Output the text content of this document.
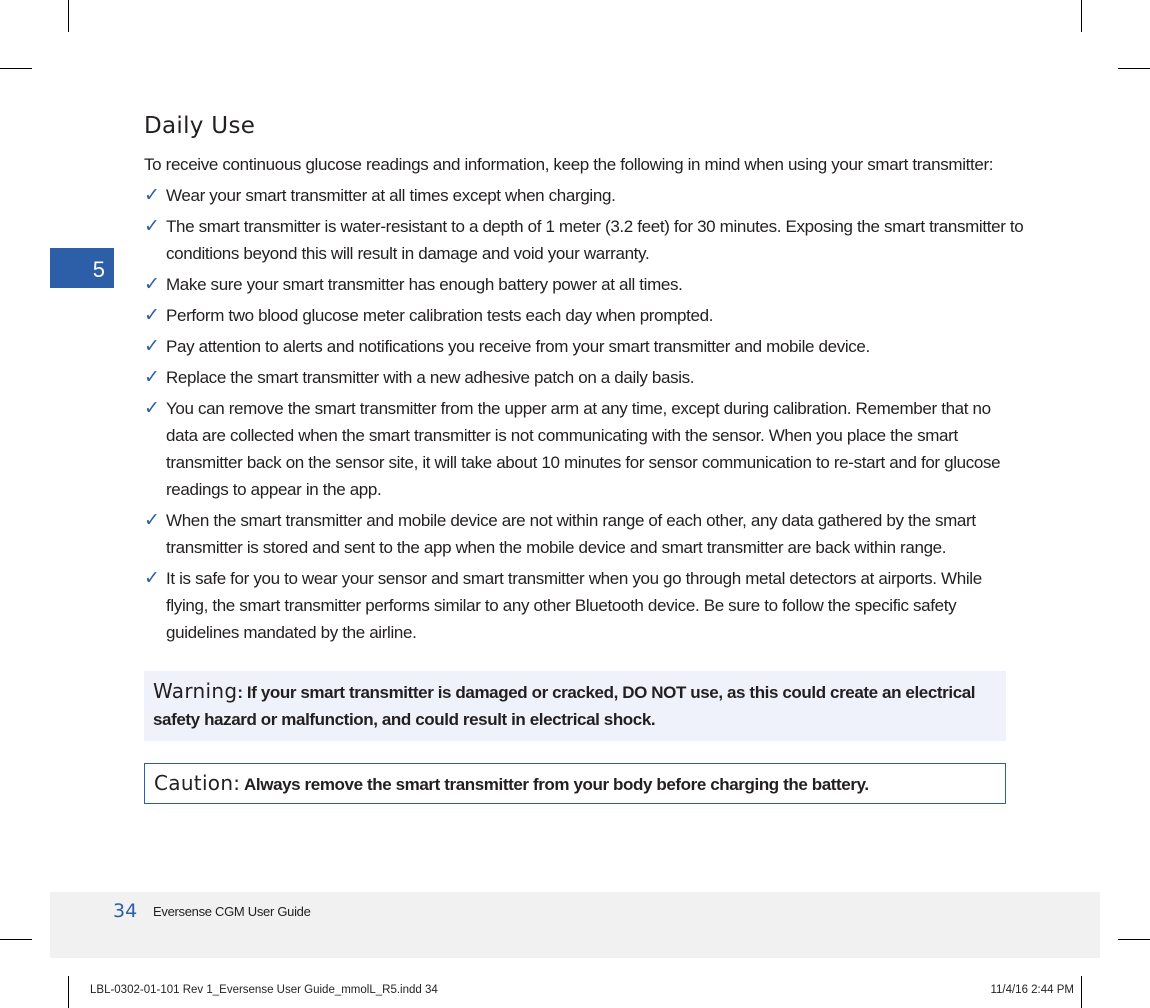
5
Daily Use

To receive continuous glucose readings and information, keep the following in mind when using your smart transmitter:

✓ Wear your smart transmitter at all times except when charging.
✓ The smart transmitter is water-resistant to a depth of 1 meter (3.2 feet) for 30 minutes. Exposing the smart transmitter to conditions beyond this will result in damage and void your warranty.
✓ Make sure your smart transmitter has enough battery power at all times.
✓ Perform two blood glucose meter calibration tests each day when prompted.
✓ Pay attention to alerts and notifications you receive from your smart transmitter and mobile device.
✓ Replace the smart transmitter with a new adhesive patch on a daily basis.
✓ You can remove the smart transmitter from the upper arm at any time, except during calibration. Remember that no data are collected when the smart transmitter is not communicating with the sensor. When you place the smart transmitter back on the sensor site, it will take about 10 minutes for sensor communication to re-start and for glucose readings to appear in the app.
✓ When the smart transmitter and mobile device are not within range of each other, any data gathered by the smart transmitter is stored and sent to the app when the mobile device and smart transmitter are back within range.
✓ It is safe for you to wear your sensor and smart transmitter when you go through metal detectors at airports. While flying, the smart transmitter performs similar to any other Bluetooth device. Be sure to follow the specific safety guidelines mandated by the airline.
Warning: If your smart transmitter is damaged or cracked, DO NOT use, as this could create an electrical safety hazard or malfunction, and could result in electrical shock.
Caution: Always remove the smart transmitter from your body before charging the battery.
34 Eversense CGM User Guide
LBL-0302-01-101 Rev 1_Eversense User Guide_mmolL_R5.indd 34	11/4/16 2:44 PM
